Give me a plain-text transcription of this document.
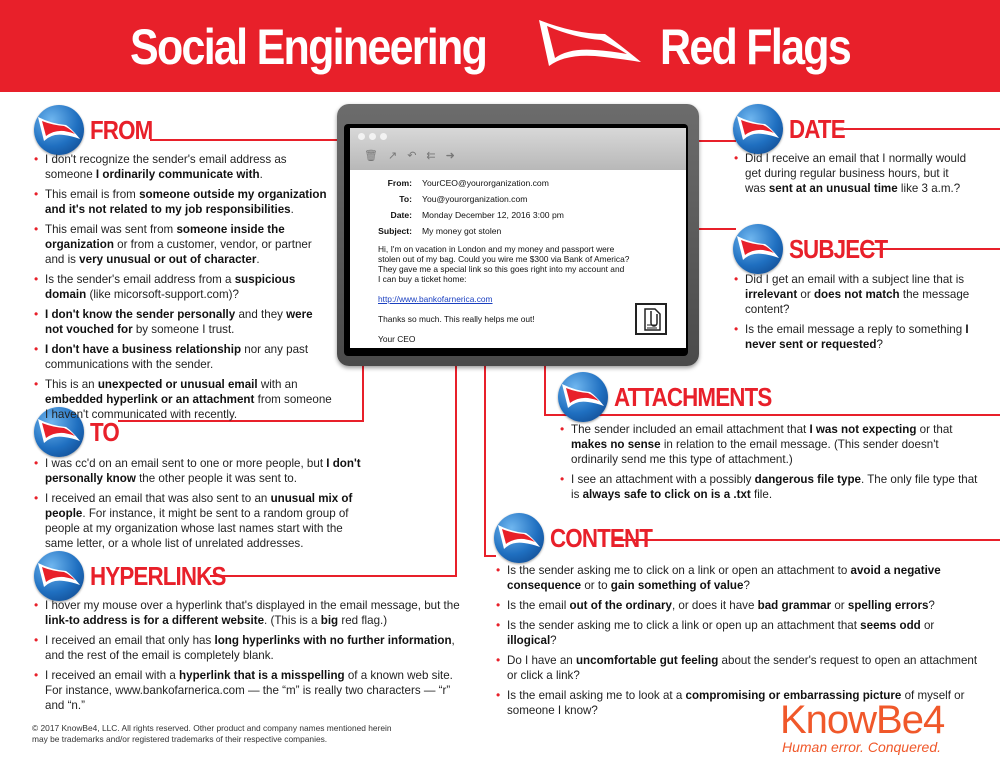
Social Engineering	Red Flags
🗑 ↗ ↶ ⇇ ➜
From: YourCEO@yourorganization.com
To: You@yourorganization.com
Date: Monday December 12, 2016 3:00 pm
Subject: My money got stolen
Hi, I'm on vacation in London and my money and passport were
stolen out of my bag. Could you wire me $300 via Bank of America?
They gave me a special link so this goes right into my account and
I can buy a ticket home:
http://www.bankofarnerica.com
Thanks so much. This really helps me out!
Your CEO
FROM
TO
HYPERLINKS
DATE
SUBJECT
ATTACHMENTS
CONTENT
• I don't recognize the sender's email address as someone I ordinarily communicate with.
• This email is from someone outside my organization and it's not related to my job responsibilities.
• This email was sent from someone inside the organization or from a customer, vendor, or partner and is very unusual or out of character.
• Is the sender's email address from a suspicious domain (like micorsoft-support.com)?
• I don't know the sender personally and they were not vouched for by someone I trust.
• I don't have a business relationship nor any past communications with the sender.
• This is an unexpected or unusual email with an embedded hyperlink or an attachment from someone I haven't communicated with recently.
• I was cc'd on an email sent to one or more people, but I don't personally know the other people it was sent to.
• I received an email that was also sent to an unusual mix of people. For instance, it might be sent to a random group of people at my organization whose last names start with the same letter, or a whole list of unrelated addresses.
• I hover my mouse over a hyperlink that's displayed in the email message, but the link-to address is for a different website. (This is a big red flag.)
• I received an email that only has long hyperlinks with no further information, and the rest of the email is completely blank.
• I received an email with a hyperlink that is a misspelling of a known web site. For instance, www.bankofarnerica.com — the “m” is really two characters — “r” and “n.”
• Did I receive an email that I normally would get during regular business hours, but it was sent at an unusual time like 3 a.m.?
• Did I get an email with a subject line that is irrelevant or does not match the message content?
• Is the email message a reply to something I never sent or requested?
• The sender included an email attachment that I was not expecting or that makes no sense in relation to the email message. (This sender doesn't ordinarily send me this type of attachment.)
• I see an attachment with a possibly dangerous file type. The only file type that is always safe to click on is a .txt file.
• Is the sender asking me to click on a link or open an attachment to avoid a negative consequence or to gain something of value?
• Is the email out of the ordinary, or does it have bad grammar or spelling errors?
• Is the sender asking me to click a link or open up an attachment that seems odd or illogical?
• Do I have an uncomfortable gut feeling about the sender's request to open an attachment or click a link?
• Is the email asking me to look at a compromising or embarrassing picture of myself or someone I know?
© 2017 KnowBe4, LLC. All rights reserved. Other product and company names mentioned herein may be trademarks and/or registered trademarks of their respective companies.	KnowBe4
Human error. Conquered.
